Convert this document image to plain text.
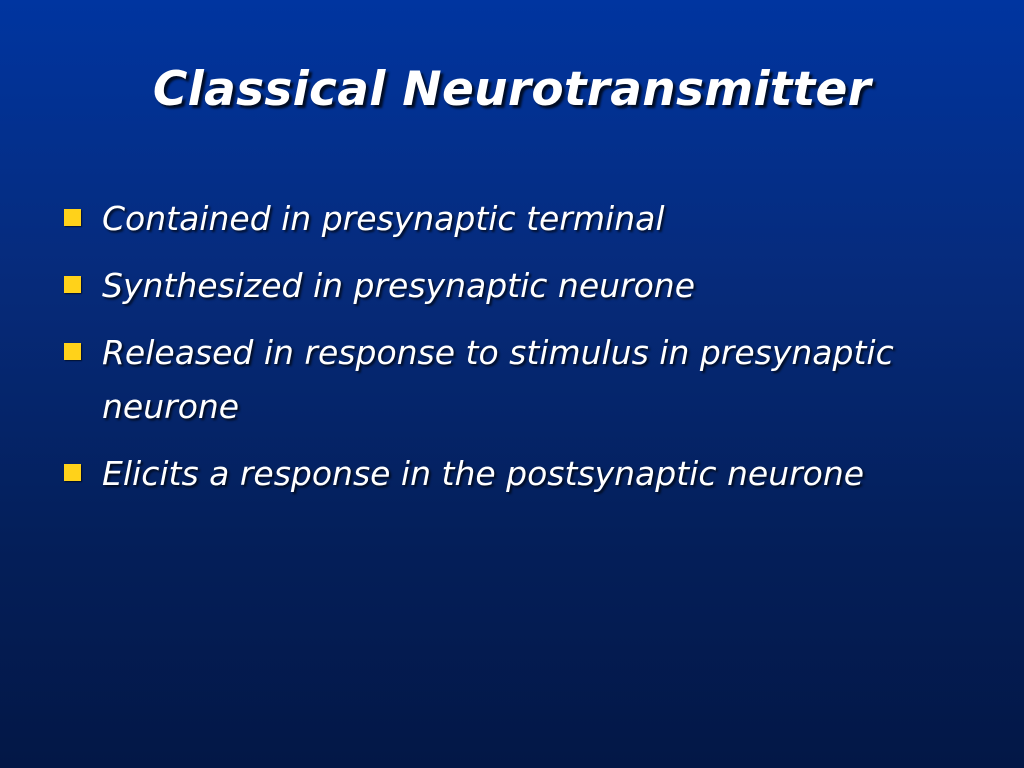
Classical Neurotransmitter
Contained in presynaptic terminal
Synthesized in presynaptic neurone
Released in response to stimulus in presynaptic neurone
Elicits a response in the postsynaptic neurone
